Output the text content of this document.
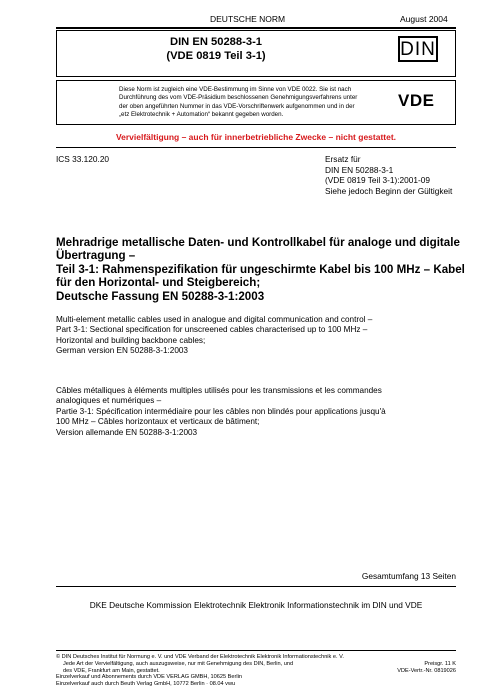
DEUTSCHE NORM	August 2004
DIN EN 50288-3-1
(VDE 0819 Teil 3-1)	DIN
Diese Norm ist zugleich eine VDE-Bestimmung im Sinne von VDE 0022. Sie ist nach
Durchführung des vom VDE-Präsidium beschlossenen Genehmigungsverfahrens unter
der oben angeführten Nummer in das VDE-Vorschriftenwerk aufgenommen und in der
„etz Elektrotechnik + Automation“ bekannt gegeben worden.
VDE
Vervielfältigung – auch für innerbetriebliche Zwecke – nicht gestattet.
ICS 33.120.20	Ersatz für
DIN EN 50288-3-1
(VDE 0819 Teil 3-1):2001-09
Siehe jedoch Beginn der Gültigkeit
Mehradrige metallische Daten- und Kontrollkabel für analoge und digitale
Übertragung –
Teil 3-1: Rahmenspezifikation für ungeschirmte Kabel bis 100 MHz – Kabel
für den Horizontal- und Steigbereich;
Deutsche Fassung EN 50288-3-1:2003
Multi-element metallic cables used in analogue and digital communication and control –
Part 3-1: Sectional specification for unscreened cables characterised up to 100 MHz –
Horizontal and building backbone cables;
German version EN 50288-3-1:2003
Câbles métalliques à éléments multiples utilisés pour les transmissions et les commandes
analogiques et numériques –
Partie 3-1: Spécification intermédiaire pour les câbles non blindés pour applications jusqu'à
100 MHz – Câbles horizontaux et verticaux de bâtiment;
Version allemande EN 50288-3-1:2003
Gesamtumfang 13 Seiten
DKE Deutsche Kommission Elektrotechnik Elektronik Informationstechnik im DIN und VDE
© DIN Deutsches Institut für Normung e. V. und VDE Verband der Elektrotechnik Elektronik Informationstechnik e. V.
Jede Art der Vervielfältigung, auch auszugsweise, nur mit Genehmigung des DIN, Berlin, und
des VDE, Frankfurt am Main, gestattet.
Einzelverkauf und Abonnements durch VDE VERLAG GMBH, 10625 Berlin
Einzelverkauf auch durch Beuth Verlag GmbH, 10772 Berlin · 08.04 vwu
Preisgr. 11 K
VDE-Vertr.-Nr. 0819026
